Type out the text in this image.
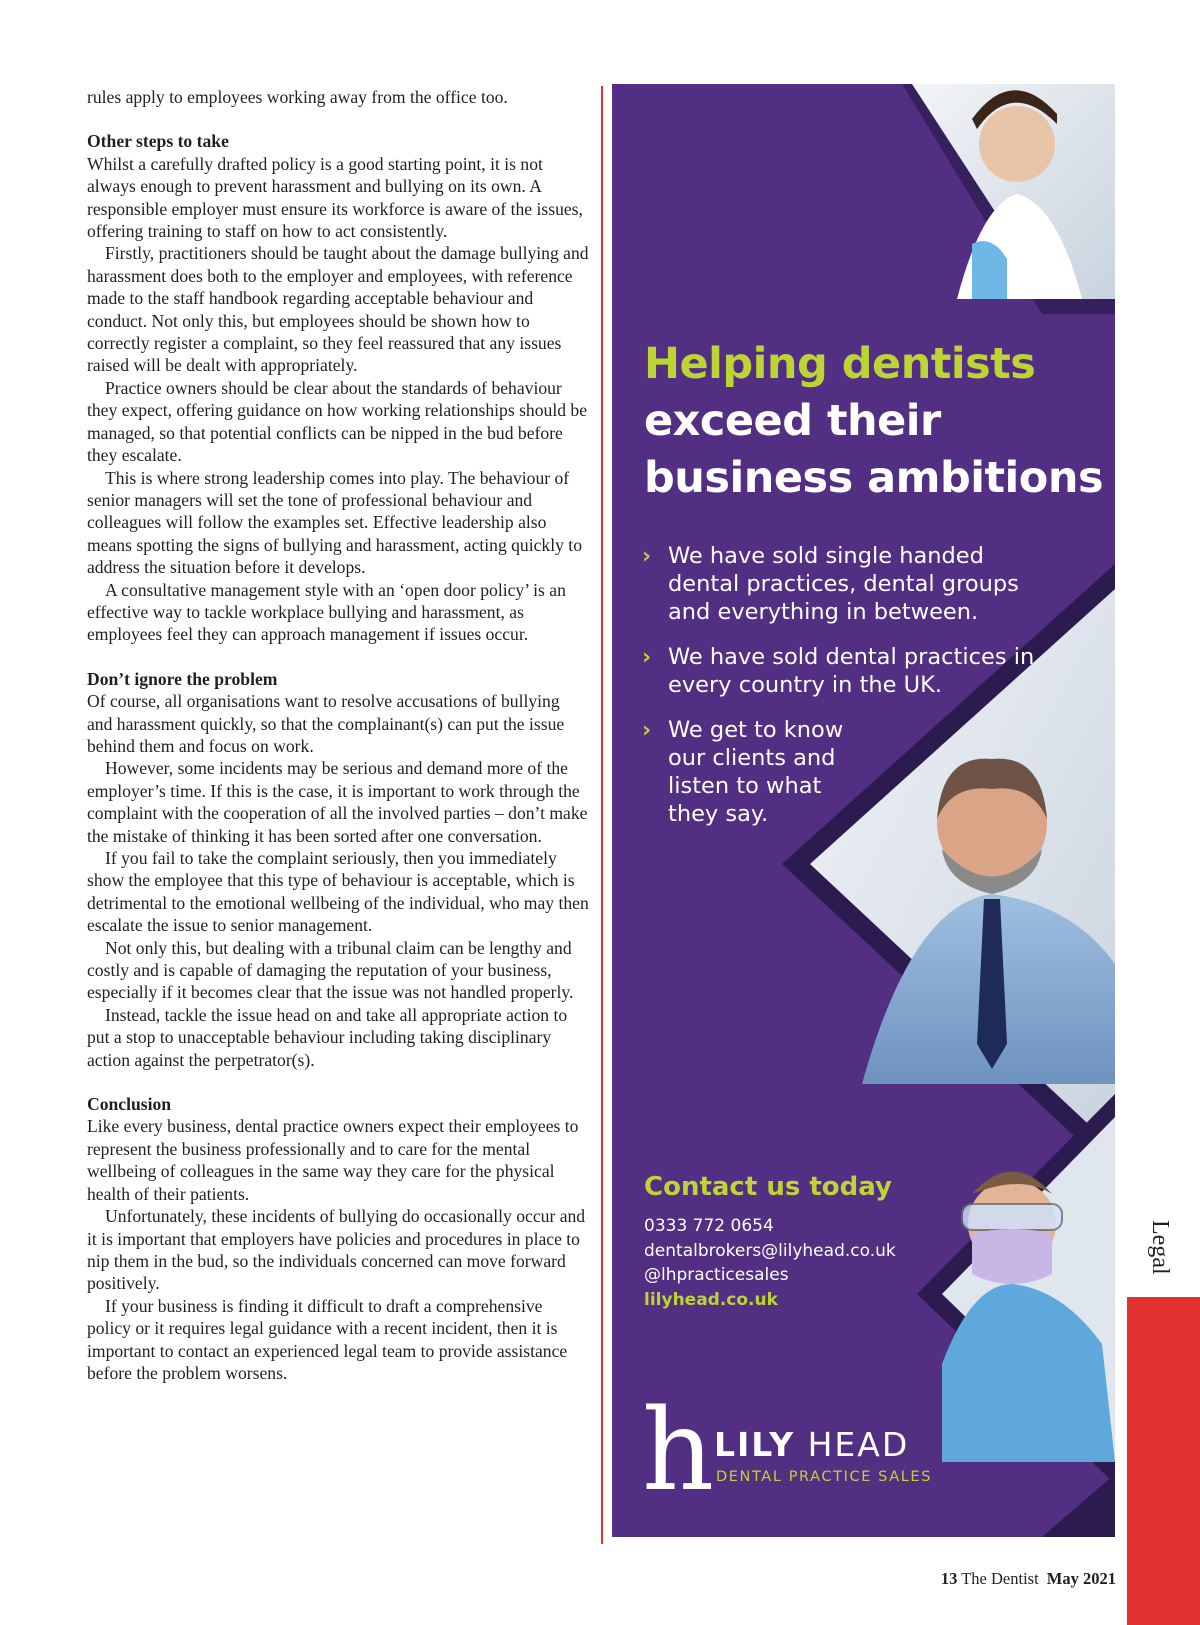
rules apply to employees working away from the office too.

Other steps to take

Whilst a carefully drafted policy is a good starting point, it is not always enough to prevent harassment and bullying on its own. A responsible employer must ensure its workforce is aware of the issues, offering training to staff on how to act consistently.

Firstly, practitioners should be taught about the damage bullying and harassment does both to the employer and employees, with reference made to the staff handbook regarding acceptable behaviour and conduct. Not only this, but employees should be shown how to correctly register a complaint, so they feel reassured that any issues raised will be dealt with appropriately.

Practice owners should be clear about the standards of behaviour they expect, offering guidance on how working relationships should be managed, so that potential conflicts can be nipped in the bud before they escalate.

This is where strong leadership comes into play. The behaviour of senior managers will set the tone of professional behaviour and colleagues will follow the examples set. Effective leadership also means spotting the signs of bullying and harassment, acting quickly to address the situation before it develops.

A consultative management style with an ‘open door policy’ is an effective way to tackle workplace bullying and harassment, as employees feel they can approach management if issues occur.

Don’t ignore the problem

Of course, all organisations want to resolve accusations of bullying and harassment quickly, so that the complainant(s) can put the issue behind them and focus on work.

However, some incidents may be serious and demand more of the employer’s time. If this is the case, it is important to work through the complaint with the cooperation of all the involved parties – don’t make the mistake of thinking it has been sorted after one conversation.

If you fail to take the complaint seriously, then you immediately show the employee that this type of behaviour is acceptable, which is detrimental to the emotional wellbeing of the individual, who may then escalate the issue to senior management.

Not only this, but dealing with a tribunal claim can be lengthy and costly and is capable of damaging the reputation of your business, especially if it becomes clear that the issue was not handled properly.

Instead, tackle the issue head on and take all appropriate action to put a stop to unacceptable behaviour including taking disciplinary action against the perpetrator(s).

Conclusion

Like every business, dental practice owners expect their employees to represent the business professionally and to care for the mental wellbeing of colleagues in the same way they care for the physical health of their patients.

Unfortunately, these incidents of bullying do occasionally occur and it is important that employers have policies and procedures in place to nip them in the bud, so the individuals concerned can move forward positively.

If your business is finding it difficult to draft a comprehensive policy or it requires legal guidance with a recent incident, then it is important to contact an experienced legal team to provide assistance before the problem worsens.

Helping dentists
exceed their
business ambitions
› We have sold single handed dental practices, dental groups and everything in between.
› We have sold dental practices in every country in the UK.
› We get to know our clients and listen to what they say.
Contact us today
0333 772 0654
dentalbrokers@lilyhead.co.uk
@lhpracticesales
lilyhead.co.uk
h LILY HEAD
DENTAL PRACTICE SALES
Legal
13 The Dentist May 2021
